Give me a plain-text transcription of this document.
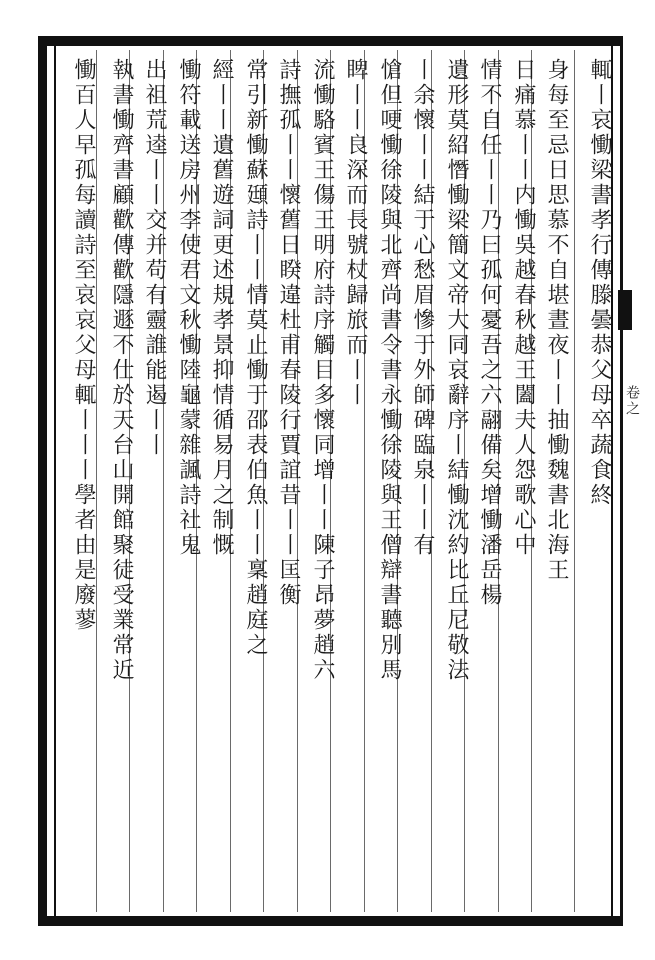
卷之
輒丨哀慟梁書孝行傳滕曇恭父母卒蔬食終
身每至忌日思慕不自堪晝夜丨丨抽慟魏書北海王
日痛慕丨丨内慟吳越春秋越王闔夫人怨歌心中
情不自任丨丨乃曰孤何憂吾之六翮備矣增慟潘岳楊
遺形莫紹憯慟梁簡文帝大同哀辭序丨結慟沈約比丘尼敬法
丨余懷丨丨結于心愁眉慘于外師碑臨泉丨丨有
愴但哽慟徐陵與北齊尚書令書永慟徐陵與王僧辯書聽別馬
睥丨丨良深而長號杖歸旅而丨丨
流慟駱賓王傷王明府詩序觸目多懷同增丨丨陳子昂夢趙六
詩撫孤丨丨懷舊日睽違杜甫春陵行賈誼昔丨丨匡衡
常引新慟蘇頲詩丨丨情莫止慟于邵表伯魚丨丨稟趙庭之
經丨丨遺舊遊詞更述規孝景抑情循易月之制慨
慟符載送房州李使君文秋慟陸龜蒙雜諷詩社鬼
出祖荒逵丨丨交并苟有靈誰能遏丨丨
執書慟齊書顧歡傳歡隱遯不仕於天台山開館聚徒受業常近
慟百人早孤每讀詩至哀哀父母輒丨丨丨學者由是廢蓼
